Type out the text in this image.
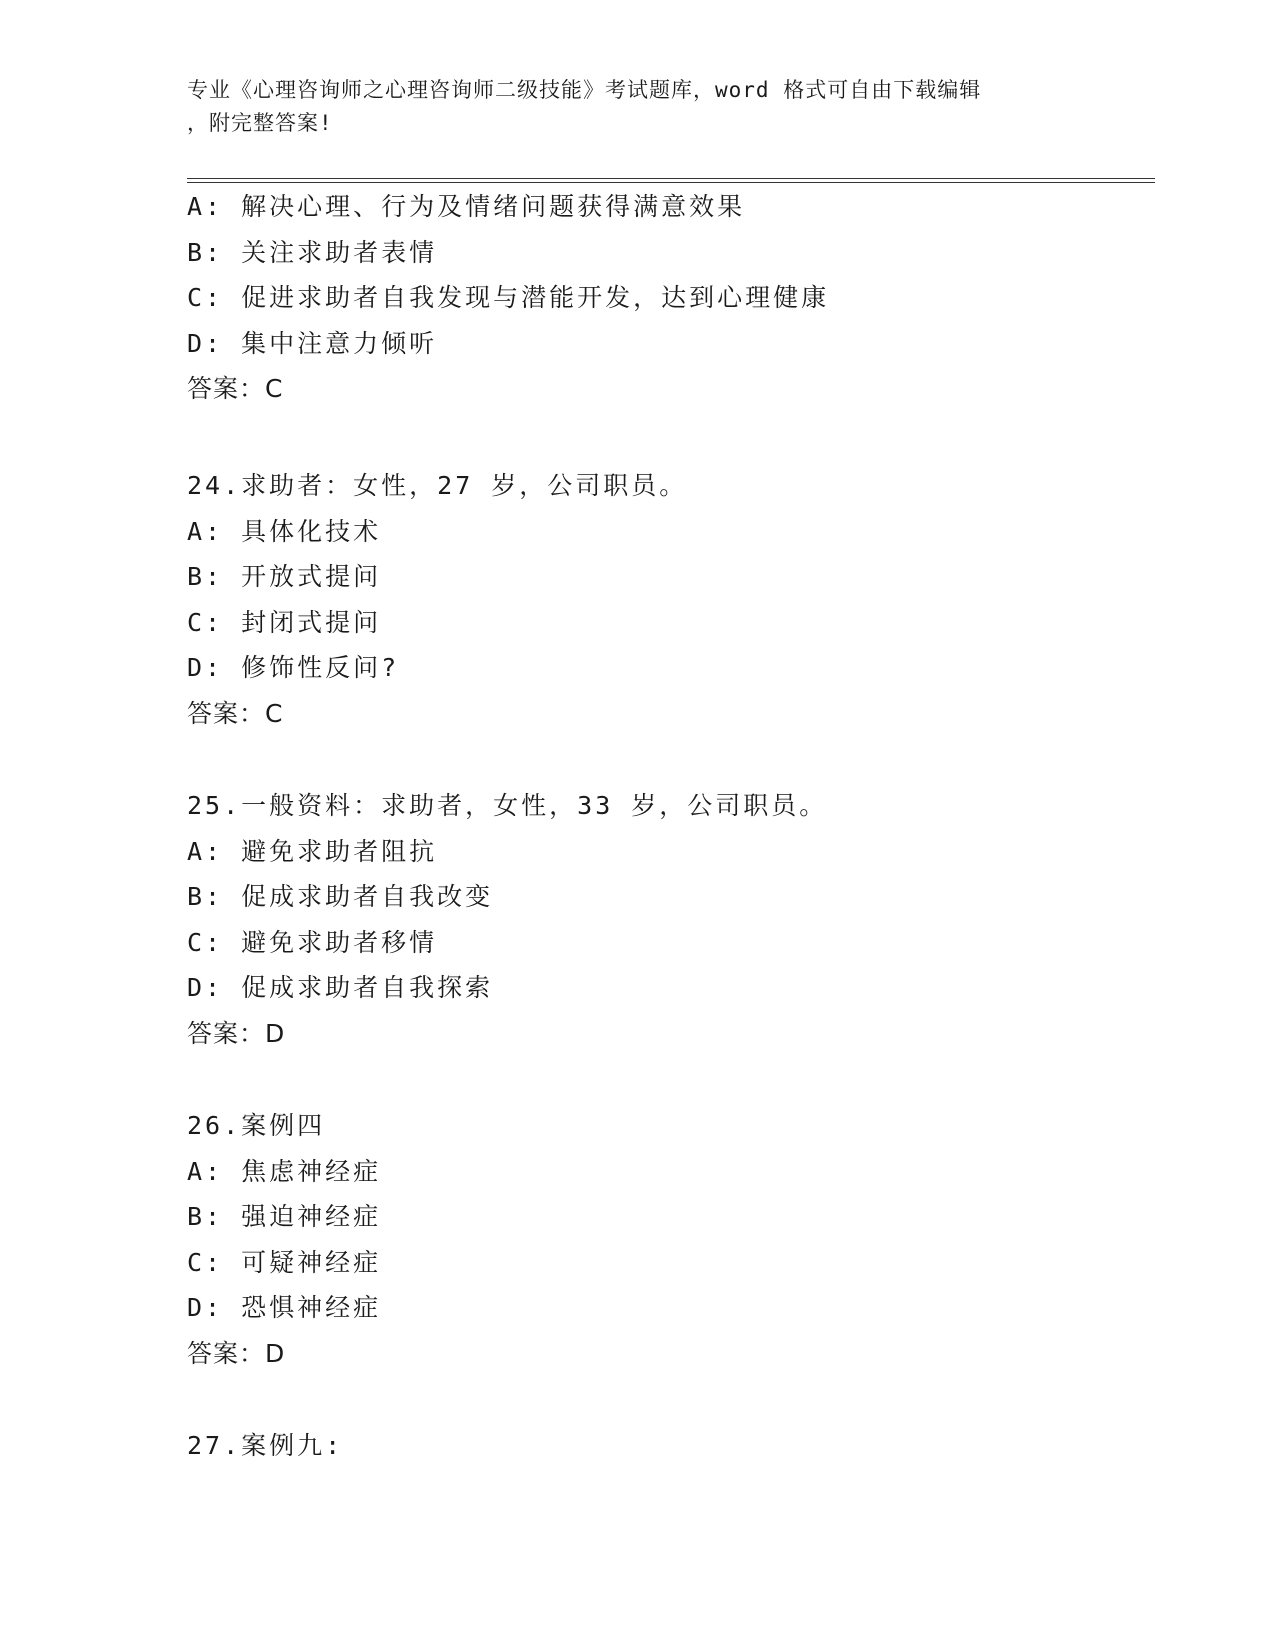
专业《心理咨询师之心理咨询师二级技能》考试题库，word 格式可自由下载编辑
，附完整答案!
A: 解决心理、行为及情绪问题获得满意效果
B: 关注求助者表情
C: 促进求助者自我发现与潜能开发，达到心理健康
D: 集中注意力倾听
答案：C
24.求助者：女性，27 岁，公司职员。
A: 具体化技术
B: 开放式提问
C: 封闭式提问
D: 修饰性反问?
答案：C
25.一般资料：求助者，女性，33 岁，公司职员。
A: 避免求助者阻抗
B: 促成求助者自我改变
C: 避免求助者移情
D: 促成求助者自我探索
答案：D
26.案例四
A: 焦虑神经症
B: 强迫神经症
C: 可疑神经症
D: 恐惧神经症
答案：D
27.案例九:
